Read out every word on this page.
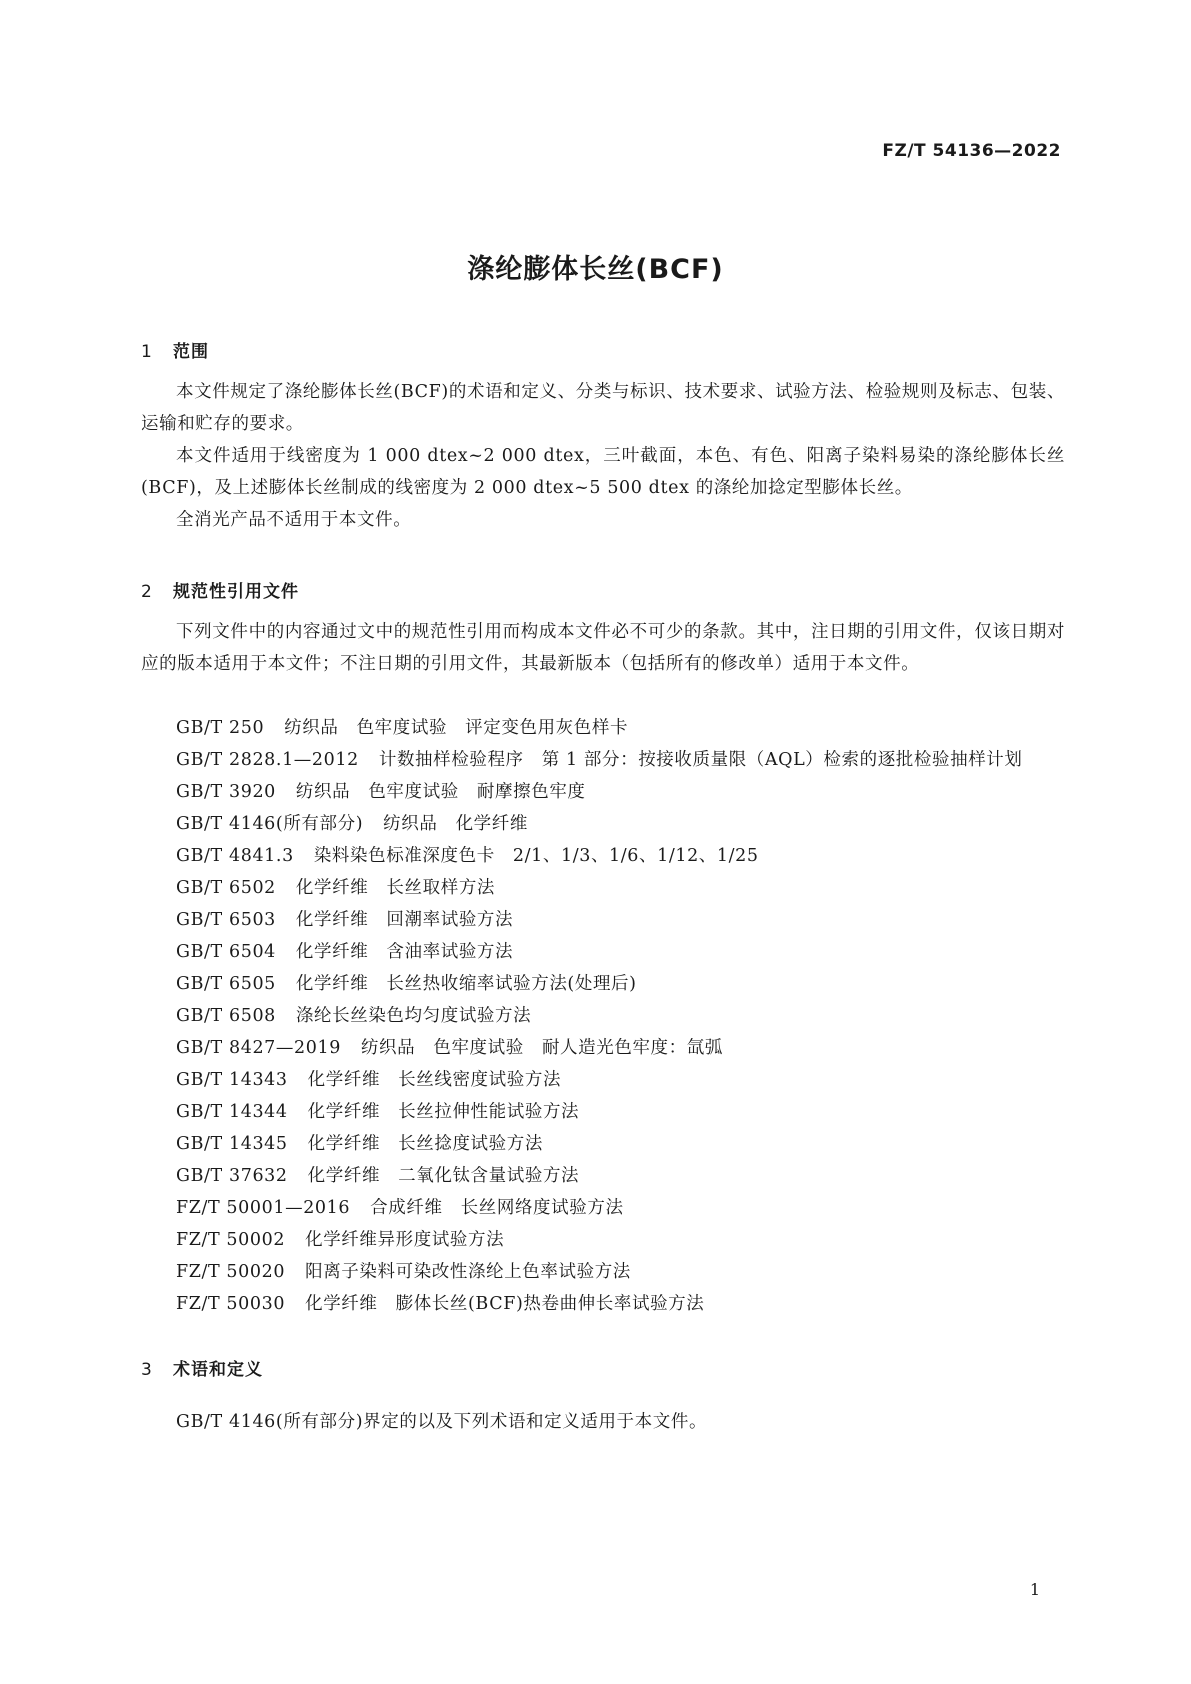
FZ/T 54136—2022
涤纶膨体长丝(BCF)
1 范围

本文件规定了涤纶膨体长丝(BCF)的术语和定义、分类与标识、技术要求、试验方法、检验规则及标志、包装、运输和贮存的要求。

本文件适用于线密度为 1 000 dtex~2 000 dtex，三叶截面，本色、有色、阳离子染料易染的涤纶膨体长丝(BCF)，及上述膨体长丝制成的线密度为 2 000 dtex~5 500 dtex 的涤纶加捻定型膨体长丝。

全消光产品不适用于本文件。

2 规范性引用文件

下列文件中的内容通过文中的规范性引用而构成本文件必不可少的条款。其中，注日期的引用文件，仅该日期对应的版本适用于本文件；不注日期的引用文件，其最新版本（包括所有的修改单）适用于本文件。

GB/T 250 纺织品　色牢度试验　评定变色用灰色样卡
GB/T 2828.1—2012 计数抽样检验程序　第 1 部分：按接收质量限（AQL）检索的逐批检验抽样计划
GB/T 3920 纺织品　色牢度试验　耐摩擦色牢度
GB/T 4146(所有部分) 纺织品　化学纤维
GB/T 4841.3 染料染色标准深度色卡　2/1、1/3、1/6、1/12、1/25
GB/T 6502 化学纤维　长丝取样方法
GB/T 6503 化学纤维　回潮率试验方法
GB/T 6504 化学纤维　含油率试验方法
GB/T 6505 化学纤维　长丝热收缩率试验方法(处理后)
GB/T 6508 涤纶长丝染色均匀度试验方法
GB/T 8427—2019 纺织品　色牢度试验　耐人造光色牢度：氙弧
GB/T 14343 化学纤维　长丝线密度试验方法
GB/T 14344 化学纤维　长丝拉伸性能试验方法
GB/T 14345 化学纤维　长丝捻度试验方法
GB/T 37632 化学纤维　二氧化钛含量试验方法
FZ/T 50001—2016 合成纤维　长丝网络度试验方法
FZ/T 50002 化学纤维异形度试验方法
FZ/T 50020 阳离子染料可染改性涤纶上色率试验方法
FZ/T 50030 化学纤维　膨体长丝(BCF)热卷曲伸长率试验方法
3 术语和定义

GB/T 4146(所有部分)界定的以及下列术语和定义适用于本文件。

1
